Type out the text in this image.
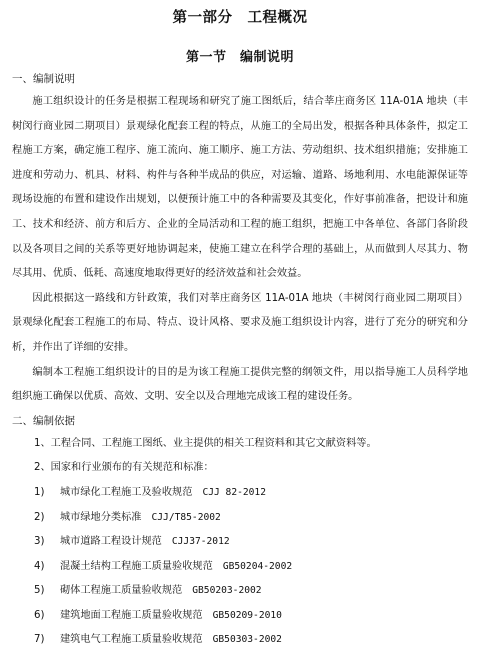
第一部分　工程概况
第一节　编制说明
一、编制说明

施工组织设计的任务是根据工程现场和研究了施工图纸后，结合莘庄商务区 11A-01A 地块（丰树闵行商业园二期项目）景观绿化配套工程的特点，从施工的全局出发，根据各种具体条件，拟定工程施工方案，确定施工程序、施工流向、施工顺序、施工方法、劳动组织、技术组织措施；安排施工进度和劳动力、机具、材料、构件与各种半成品的供应，对运输、道路、场地利用、水电能源保证等现场设施的布置和建设作出规划，以便预计施工中的各种需要及其变化，作好事前准备，把设计和施工、技术和经济、前方和后方、企业的全局活动和工程的施工组织，把施工中各单位、各部门各阶段以及各项目之间的关系等更好地协调起来，使施工建立在科学合理的基础上，从而做到人尽其力、物尽其用、优质、低耗、高速度地取得更好的经济效益和社会效益。

因此根据这一路线和方针政策，我们对莘庄商务区 11A-01A 地块（丰树闵行商业园二期项目）景观绿化配套工程施工的布局、特点、设计风格、要求及施工组织设计内容，进行了充分的研究和分析，并作出了详细的安排。

编制本工程施工组织设计的目的是为该工程施工提供完整的纲领文件，用以指导施工人员科学地组织施工确保以优质、高效、文明、安全以及合理地完成该工程的建设任务。

二、编制依据
1、工程合同、工程施工图纸、业主提供的相关工程资料和其它文献资料等。
2、国家和行业颁布的有关规范和标准：
1) 城市绿化工程施工及验收规范 CJJ 82-2012
2) 城市绿地分类标准 CJJ/T85-2002
3) 城市道路工程设计规范 CJJ37-2012
4) 混凝土结构工程施工质量验收规范 GB50204-2002
5) 砌体工程施工质量验收规范 GB50203-2002
6) 建筑地面工程施工质量验收规范 GB50209-2010
7) 建筑电气工程施工质量验收规范 GB50303-2002
